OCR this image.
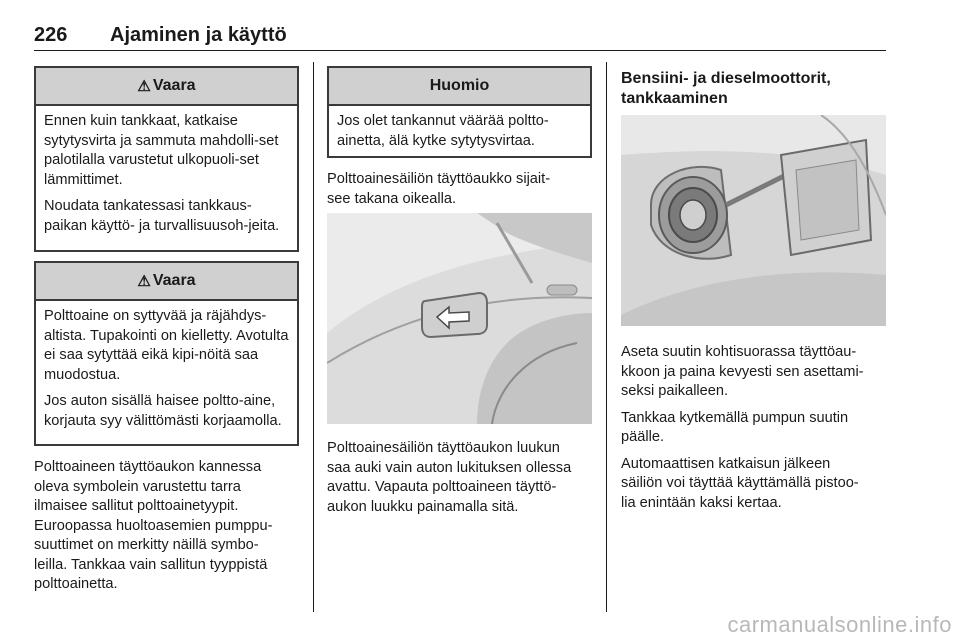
226 Ajaminen ja käyttö
⚠ Vaara

Ennen kuin tankkaat, katkaise sytytysvirta ja sammuta mahdolli-set palotilalla varustetut ulkopuoli-set lämmittimet.

Noudata tankatessasi tankkaus-paikan käyttö- ja turvallisuusoh-jeita.

⚠ Vaara

Polttoaine on syttyvää ja räjähdys-altista. Tupakointi on kielletty. Avotulta ei saa sytyttää eikä kipi-nöitä saa muodostua.

Jos auton sisällä haisee poltto-aine, korjauta syy välittömästi korjaamolla.

Polttoaineen täyttöaukon kannessa
oleva symbolein varustettu tarra
ilmaisee sallitut polttoainetyypit.
Euroopassa huoltoasemien pumppu-
suuttimet on merkitty näillä symbo-
leilla. Tankkaa vain sallitun tyyppistä
polttoainetta.
Huomio
Jos olet tankannut väärää poltto-
ainetta, älä kytke sytytysvirtaa.
Polttoainesäiliön täyttöaukko sijait-
see takana oikealla.
Polttoainesäiliön täyttöaukon luukun
saa auki vain auton lukituksen ollessa
avattu. Vapauta polttoaineen täyttö-
aukon luukku painamalla sitä.
Bensiini- ja dieselmoottorit,
tankkaaminen

Aseta suutin kohtisuorassa täyttöau-
kkoon ja paina kevyesti sen asettami-
seksi paikalleen.

Tankkaa kytkemällä pumpun suutin
päälle.

Automaattisen katkaisun jälkeen
säiliön voi täyttää käyttämällä pistoo-
lia enintään kaksi kertaa.

carmanualsonline.info
